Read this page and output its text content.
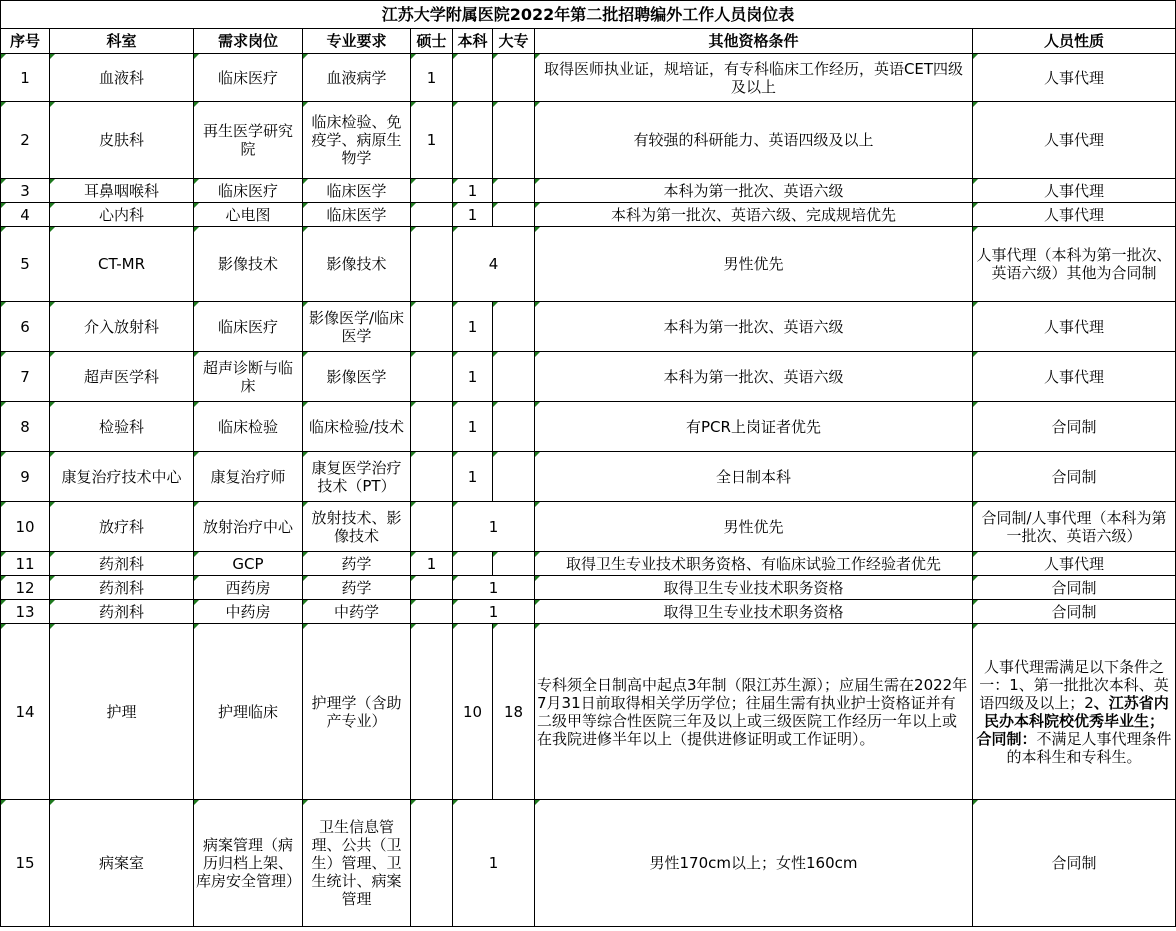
江苏大学附属医院2022年第二批招聘编外工作人员岗位表								
序号	科室	需求岗位	专业要求	硕士	本科	大专	其他资格条件	人员性质
1	血液科	临床医疗	血液病学	1			取得医师执业证，规培证，有专科临床工作经历，英语CET四级及以上	人事代理
2	皮肤科	再生医学研究院	临床检验、免疫学、病原生物学	1			有较强的科研能力、英语四级及以上	人事代理
3	耳鼻咽喉科	临床医疗	临床医学		1		本科为第一批次、英语六级	人事代理
4	心内科	心电图	临床医学		1		本科为第一批次、英语六级、完成规培优先	人事代理
5	CT-MR	影像技术	影像技术		4		男性优先	人事代理（本科为第一批次、英语六级）其他为合同制
6	介入放射科	临床医疗	影像医学/临床医学		1		本科为第一批次、英语六级	人事代理
7	超声医学科	超声诊断与临床	影像医学		1		本科为第一批次、英语六级	人事代理
8	检验科	临床检验	临床检验/技术		1		有PCR上岗证者优先	合同制
9	康复治疗技术中心	康复治疗师	康复医学治疗技术（PT）		1		全日制本科	合同制
10	放疗科	放射治疗中心	放射技术、影像技术		1		男性优先	合同制/人事代理（本科为第一批次、英语六级）
11	药剂科	GCP	药学	1			取得卫生专业技术职务资格、有临床试验工作经验者优先	人事代理
12	药剂科	西药房	药学		1		取得卫生专业技术职务资格	合同制
13	药剂科	中药房	中药学		1		取得卫生专业技术职务资格	合同制
14	护理	护理临床	护理学（含助产专业）		10	18	专科须全日制高中起点3年制（限江苏生源）；应届生需在2022年7月31日前取得相关学历学位；往届生需有执业护士资格证并有二级甲等综合性医院三年及以上或三级医院工作经历一年以上或在我院进修半年以上（提供进修证明或工作证明）。	人事代理需满足以下条件之一：1、第一批批次本科、英语四级及以上；2、江苏省内民办本科院校优秀毕业生； 合同制：不满足人事代理条件的本科生和专科生。
15	病案室	病案管理（病历归档上架、库房安全管理）	卫生信息管理、公共（卫生）管理、卫生统计、病案管理		1		男性170cm以上；女性160cm	合同制
